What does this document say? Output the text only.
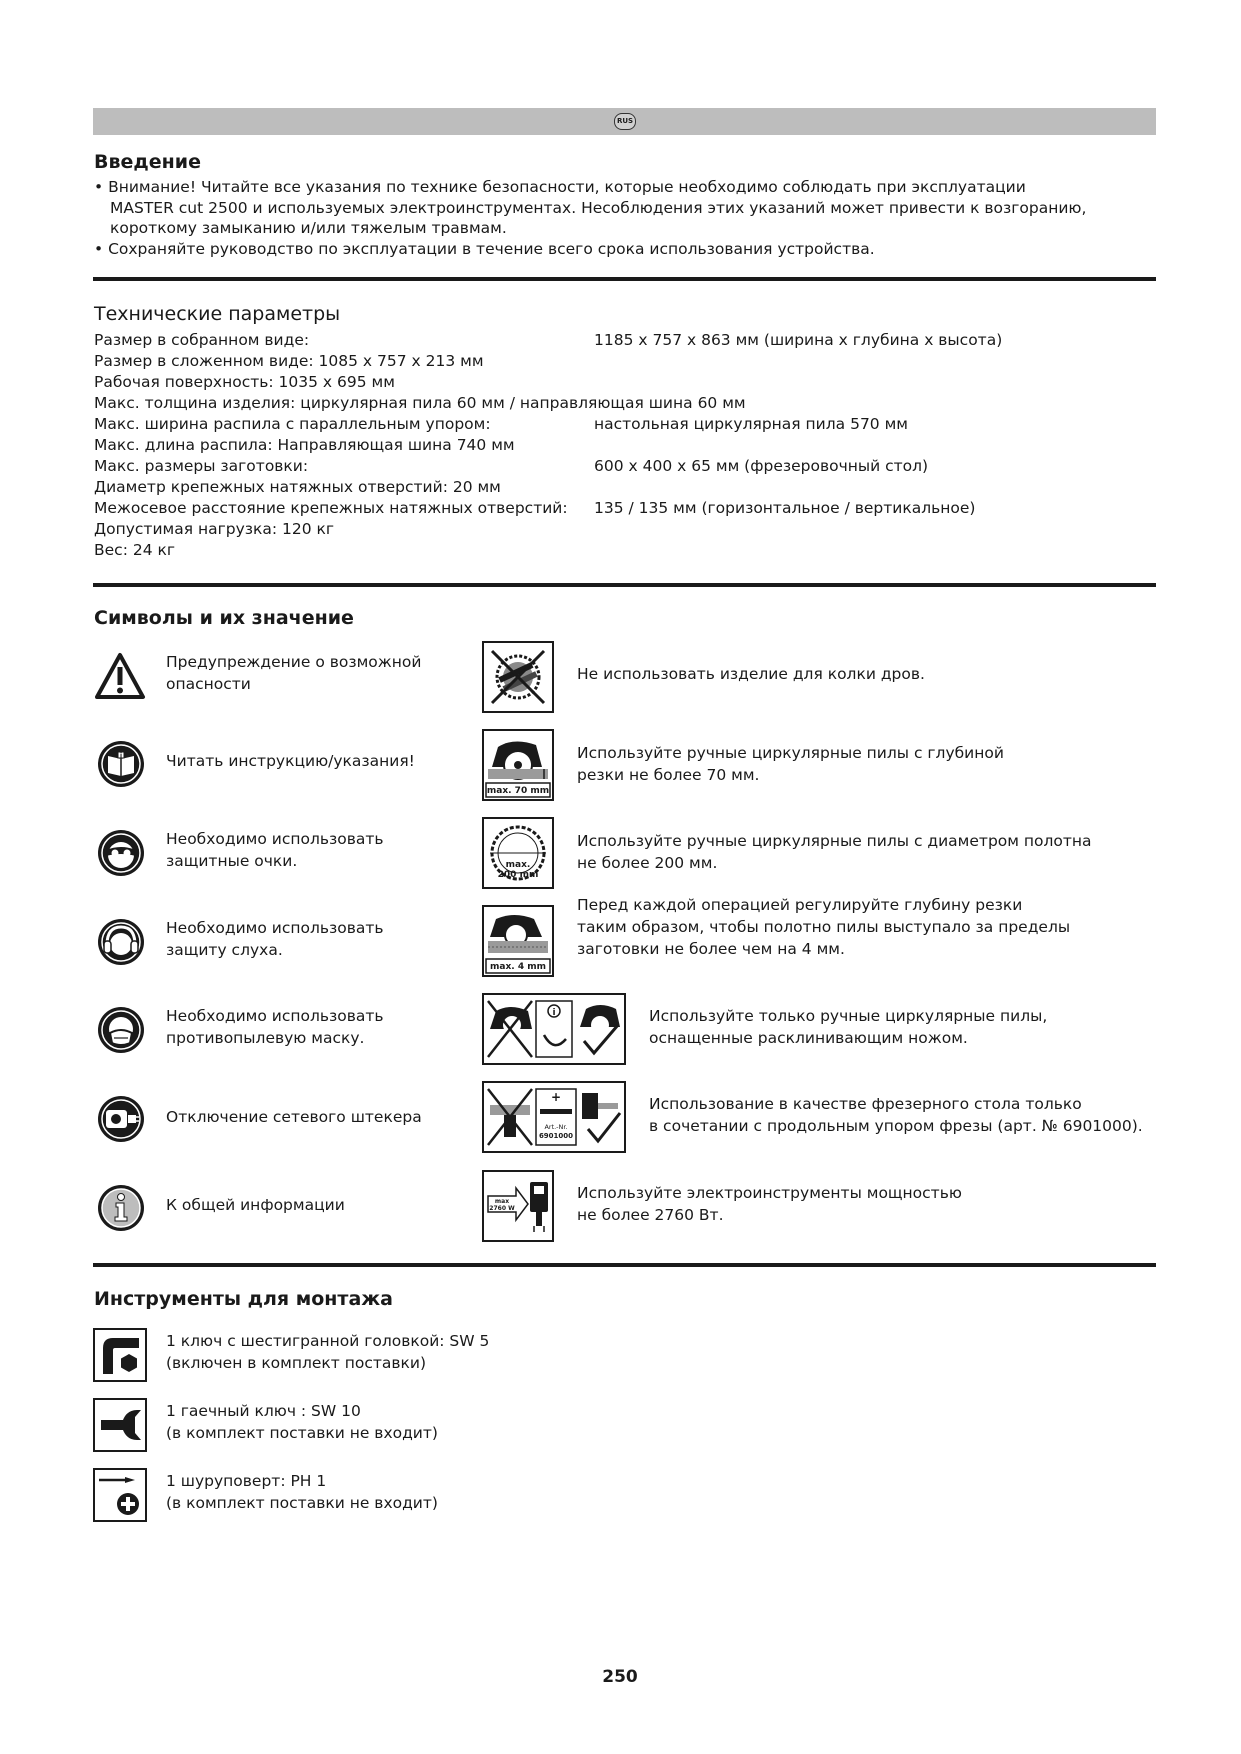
RUS
Введение
• Внимание! Читайте все указания по технике безопасности, которые необходимо соблюдать при эксплуатации
MASTER cut 2500 и используемых электроинструментах. Несоблюдения этих указаний может привести к возгоранию,
короткому замыканию и/или тяжелым травмам.
• Сохраняйте руководство по эксплуатации в течение всего срока использования устройства.
Технические параметры
Размер в собранном виде:	1185 x 757 x 863 мм (ширина x глубина x высота)
Размер в сложенном виде: 1085 x 757 x 213 мм
Рабочая поверхность: 1035 x 695 мм
Макс. толщина изделия: циркулярная пила 60 мм / направляющая шина 60 мм
Макс. ширина распила с параллельным упором:	настольная циркулярная пила 570 мм
Макс. длина распила: Направляющая шина 740 мм
Макс. размеры заготовки:	600 x 400 x 65 мм (фрезеровочный стол)
Диаметр крепежных натяжных отверстий: 20 мм
Межосевое расстояние крепежных натяжных отверстий: 135 / 135 мм (горизонтальное / вертикальное)
Допустимая нагрузка: 120 кг
Вес: 24 кг
Символы и их значение
Предупреждение о возможной
опасности
i	Читать инструкцию/указания!
Необходимо использовать
защитные очки.
Необходимо использовать
защиту слуха.
Необходимо использовать
противопылевую маску.
Отключение сетевого штекера
К общей информации
Не использовать изделие для колки дров.
max. 70 mm
Используйте ручные циркулярные пилы с глубиной
резки не более 70 мм.
max.
200 mm
Используйте ручные циркулярные пилы с диаметром полотна
не более 200 мм.
max. 4 mm
Перед каждой операцией регулируйте глубину резки
таким образом, чтобы полотно пилы выступало за пределы
заготовки не более чем на 4 мм.
i	Используйте только ручные циркулярные пилы,
оснащенные расклинивающим ножом.
+
Art.-Nr.
6901000
Использование в качестве фрезерного стола только
в сочетании с продольным упором фрезы (арт. № 6901000).
max
2760 W
Используйте электроинструменты мощностью
не более 2760 Вт.
Инструменты для монтажа
1 ключ с шестигранной головкой: SW 5
(включен в комплект поставки)
1 гаечный ключ : SW 10
(в комплект поставки не входит)
1 шуруповерт: PH 1
(в комплект поставки не входит)
250
